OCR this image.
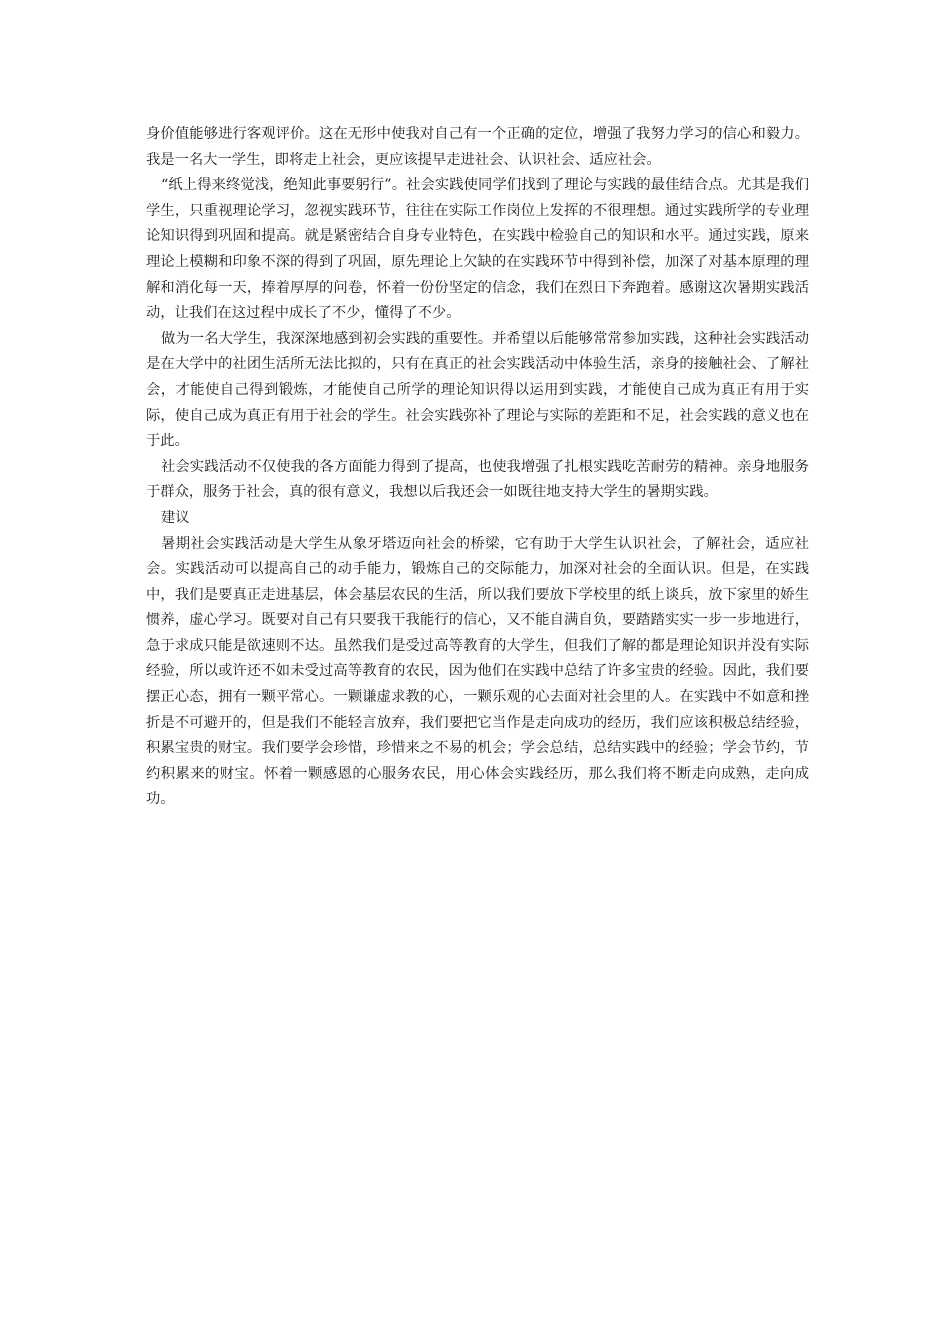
身价值能够进行客观评价。这在无形中使我对自己有一个正确的定位，增强了我努力学习的信心和毅力。我是一名大一学生，即将走上社会，更应该提早走进社会、认识社会、适应社会。

“纸上得来终觉浅，绝知此事要躬行”。社会实践使同学们找到了理论与实践的最佳结合点。尤其是我们学生，只重视理论学习，忽视实践环节，往往在实际工作岗位上发挥的不很理想。通过实践所学的专业理论知识得到巩固和提高。就是紧密结合自身专业特色，在实践中检验自己的知识和水平。通过实践，原来理论上模糊和印象不深的得到了巩固，原先理论上欠缺的在实践环节中得到补偿，加深了对基本原理的理解和消化每一天，捧着厚厚的问卷，怀着一份份坚定的信念，我们在烈日下奔跑着。感谢这次暑期实践活动，让我们在这过程中成长了不少，懂得了不少。

做为一名大学生，我深深地感到初会实践的重要性。并希望以后能够常常参加实践，这种社会实践活动是在大学中的社团生活所无法比拟的，只有在真正的社会实践活动中体验生活，亲身的接触社会、了解社会，才能使自己得到锻炼，才能使自己所学的理论知识得以运用到实践，才能使自己成为真正有用于实际，使自己成为真正有用于社会的学生。社会实践弥补了理论与实际的差距和不足，社会实践的意义也在于此。

社会实践活动不仅使我的各方面能力得到了提高，也使我增强了扎根实践吃苦耐劳的精神。亲身地服务于群众，服务于社会，真的很有意义，我想以后我还会一如既往地支持大学生的暑期实践。

建议

暑期社会实践活动是大学生从象牙塔迈向社会的桥梁，它有助于大学生认识社会，了解社会，适应社会。实践活动可以提高自己的动手能力，锻炼自己的交际能力，加深对社会的全面认识。但是，在实践中，我们是要真正走进基层，体会基层农民的生活，所以我们要放下学校里的纸上谈兵，放下家里的娇生惯养，虚心学习。既要对自己有只要我干我能行的信心，又不能自满自负，要踏踏实实一步一步地进行，急于求成只能是欲速则不达。虽然我们是受过高等教育的大学生，但我们了解的都是理论知识并没有实际经验，所以或许还不如未受过高等教育的农民，因为他们在实践中总结了许多宝贵的经验。因此，我们要摆正心态，拥有一颗平常心。一颗谦虚求教的心，一颗乐观的心去面对社会里的人。在实践中不如意和挫折是不可避开的，但是我们不能轻言放弃，我们要把它当作是走向成功的经历，我们应该积极总结经验，积累宝贵的财宝。我们要学会珍惜，珍惜来之不易的机会；学会总结，总结实践中的经验；学会节约，节约积累来的财宝。怀着一颗感恩的心服务农民，用心体会实践经历，那么我们将不断走向成熟，走向成功。
